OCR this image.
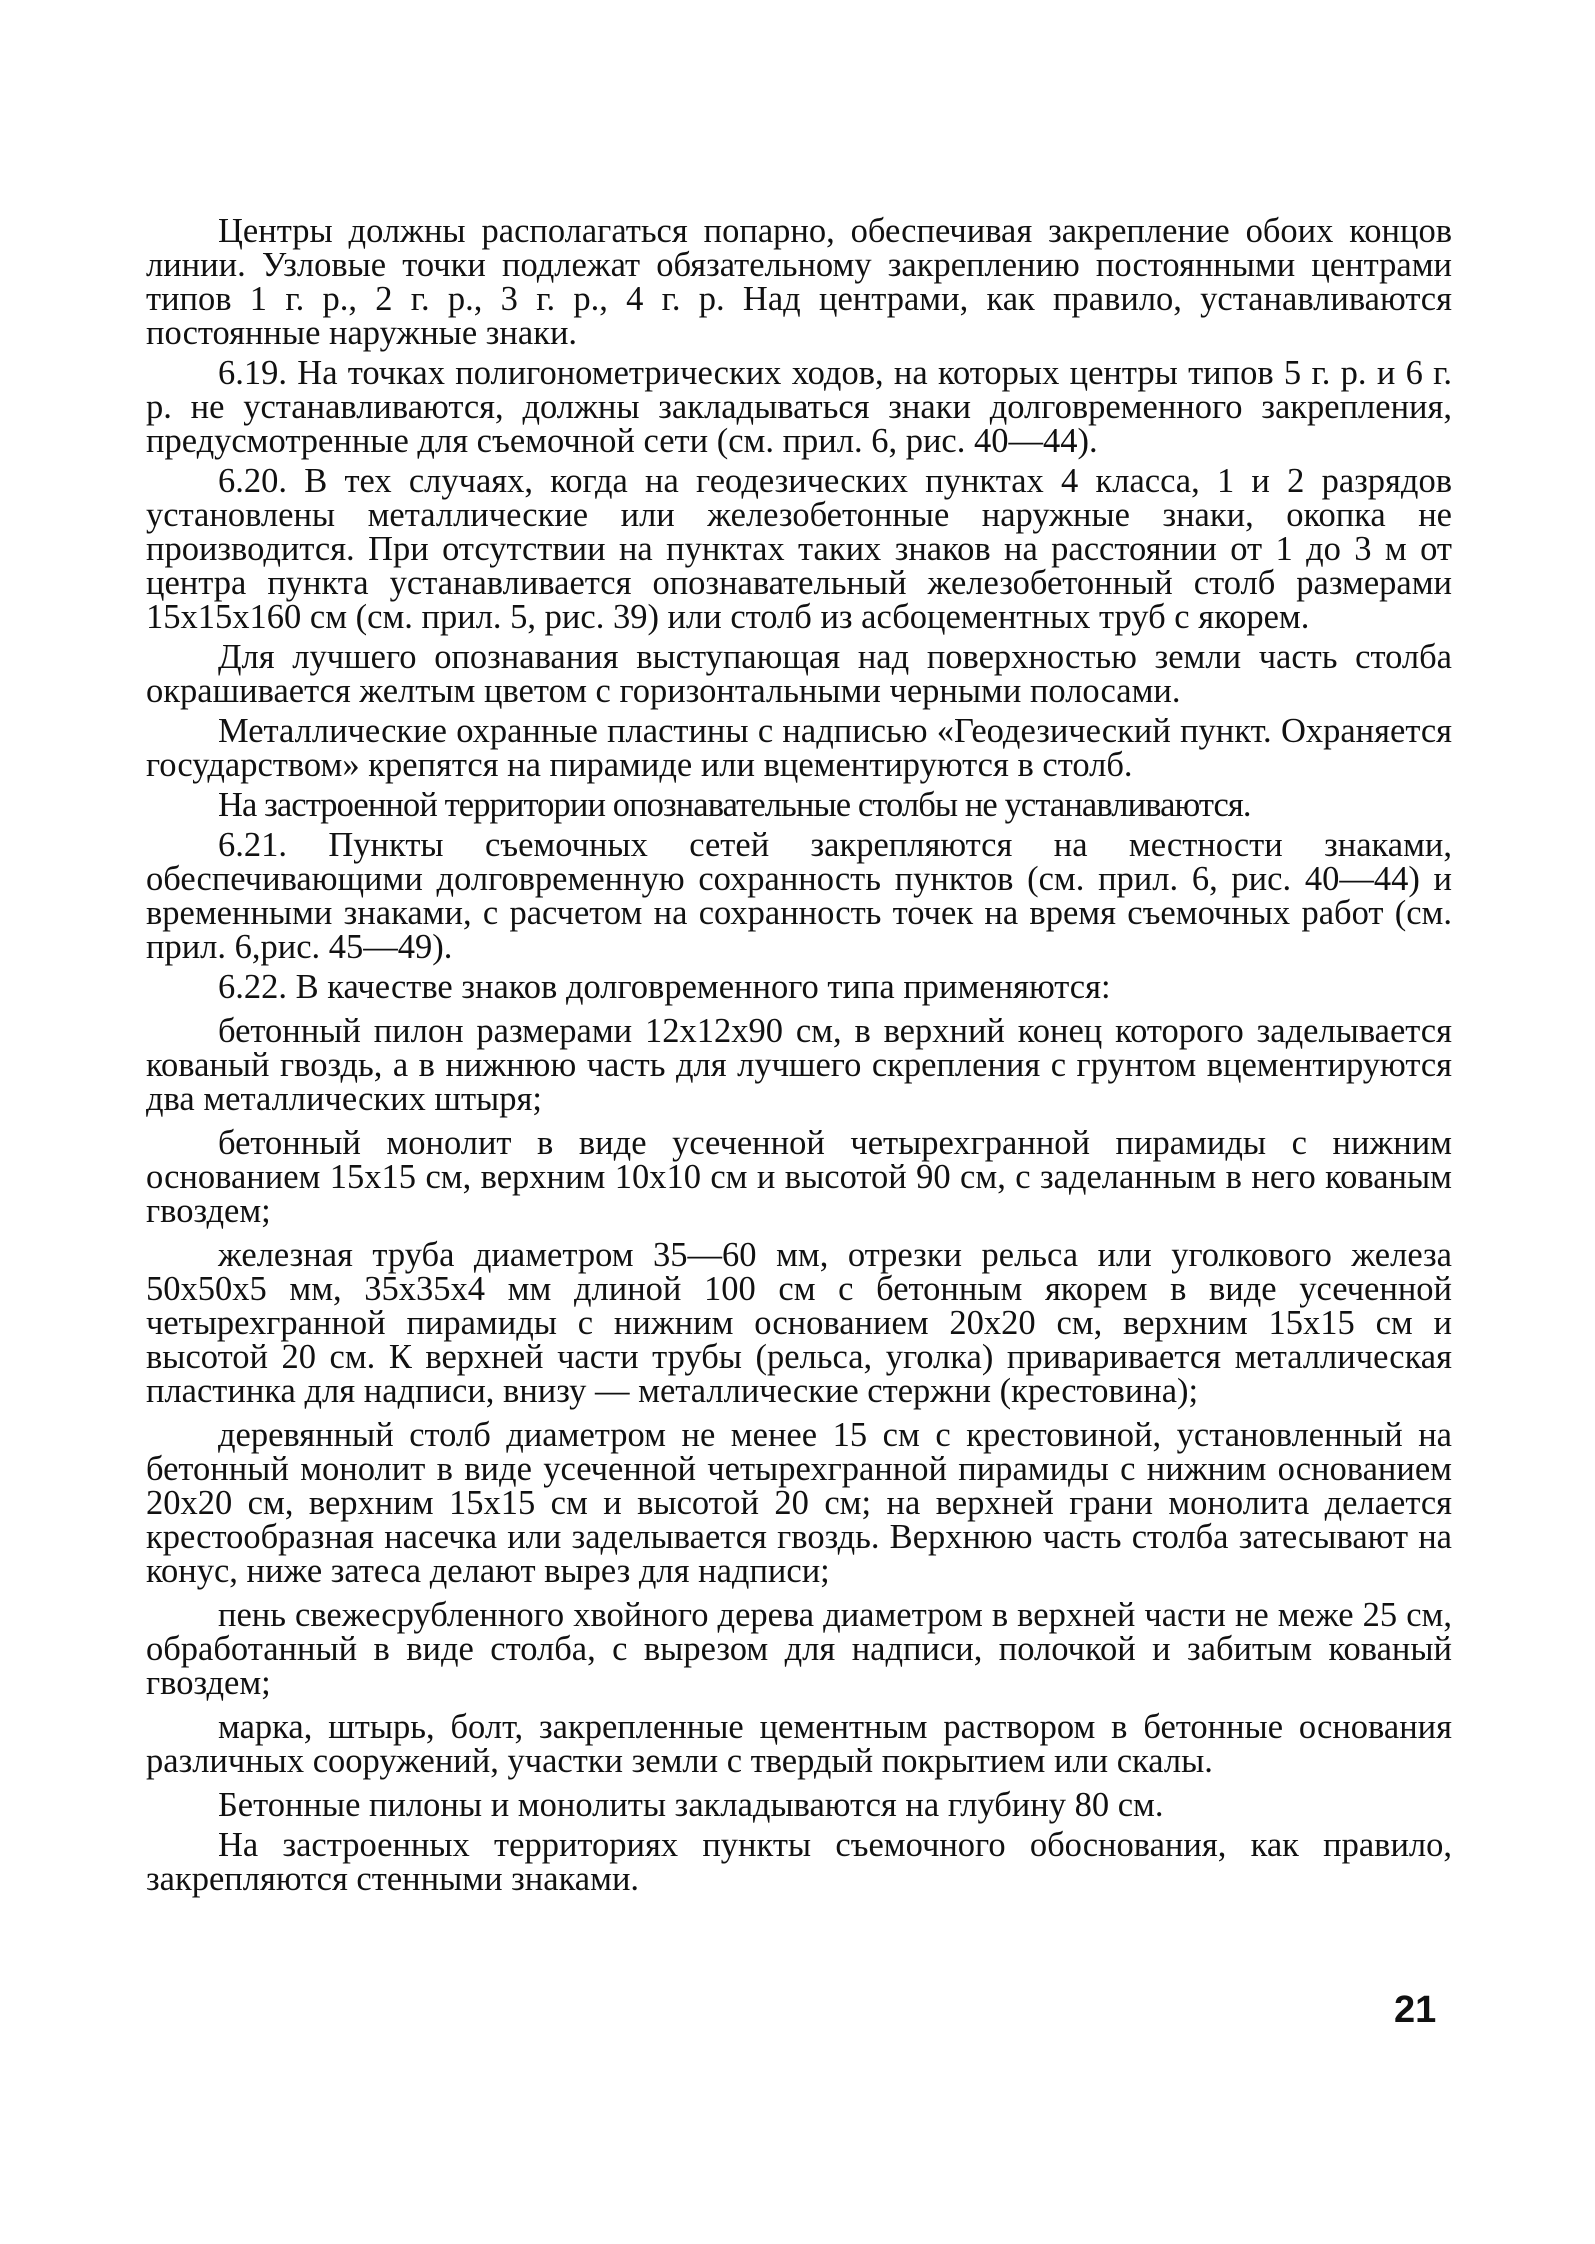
Центры должны располагаться попарно, обеспечивая закрепление обоих концов линии. Узловые точки подлежат обязательному закреплению постоянными центрами типов 1 г. р., 2 г. р., 3 г. р., 4 г. р. Над центрами, как правило, устанавливаются постоянные наружные знаки.

6.19. На точках полигонометрических ходов, на которых центры типов 5 г. р. и 6 г. р. не устанавливаются, должны закладываться знаки долговременного закрепления, предусмотренные для съемочной сети (см. прил. 6, рис. 40—44).

6.20. В тех случаях, когда на геодезических пунктах 4 класса, 1 и 2 разрядов установлены металлические или железобетонные наружные знаки, окопка не производится. При отсутствии на пунктах таких знаков на расстоянии от 1 до 3 м от центра пункта устанавливается опознавательный железобетонный столб размерами 15х15х160 см (см. прил. 5, рис. 39) или столб из асбоцементных труб с якорем.

Для лучшего опознавания выступающая над поверхностью земли часть столба окрашивается желтым цветом с горизонтальными черными полосами.

Металлические охранные пластины с надписью «Геодезический пункт. Охраняется государством» крепятся на пирамиде или вцементируются в столб.

На застроенной территории опознавательные столбы не устанавливаются.

6.21. Пункты съемочных сетей закрепляются на местности знаками, обеспечивающими долговременную сохранность пунктов (см. прил. 6, рис. 40—44) и временными знаками, с расчетом на сохранность точек на время съемочных работ (см. прил. 6,рис. 45—49).

6.22. В качестве знаков долговременного типа применяются:

бетонный пилон размерами 12х12х90 см, в верхний конец которого заделывается кованый гвоздь, а в нижнюю часть для лучшего скрепления с грунтом вцементируются два металлических штыря;

бетонный монолит в виде усеченной четырехгранной пирамиды с нижним основанием 15х15 см, верхним 10х10 см и высотой 90 см, с заделанным в него кованым гвоздем;

железная труба диаметром 35—60 мм, отрезки рельса или уголкового железа 50х50х5 мм, 35х35х4 мм длиной 100 см с бетонным якорем в виде усеченной четырехгранной пирамиды с нижним основанием 20х20 см, верхним 15х15 см и высотой 20 см. К верхней части трубы (рельса, уголка) приваривается металлическая пластинка для надписи, внизу — металлические стержни (крестовина);

деревянный столб диаметром не менее 15 см с крестовиной, установленный на бетонный монолит в виде усеченной четырехгранной пирамиды с нижним основанием 20х20 см, верхним 15х15 см и высотой 20 см; на верхней грани монолита делается крестообразная насечка или заделывается гвоздь. Верхнюю часть столба затесывают на конус, ниже затеса делают вырез для надписи;

пень свежесрубленного хвойного дерева диаметром в верхней части не меже 25 см, обработанный в виде столба, с вырезом для надписи, полочкой и забитым кованый гвоздем;

марка, штырь, болт, закрепленные цементным раствором в бетонные основания различных сооружений, участки земли с твердый покрытием или скалы.

Бетонные пилоны и монолиты закладываются на глубину 80 см.

На застроенных территориях пункты съемочного обоснования, как правило, закрепляются стенными знаками.

21
